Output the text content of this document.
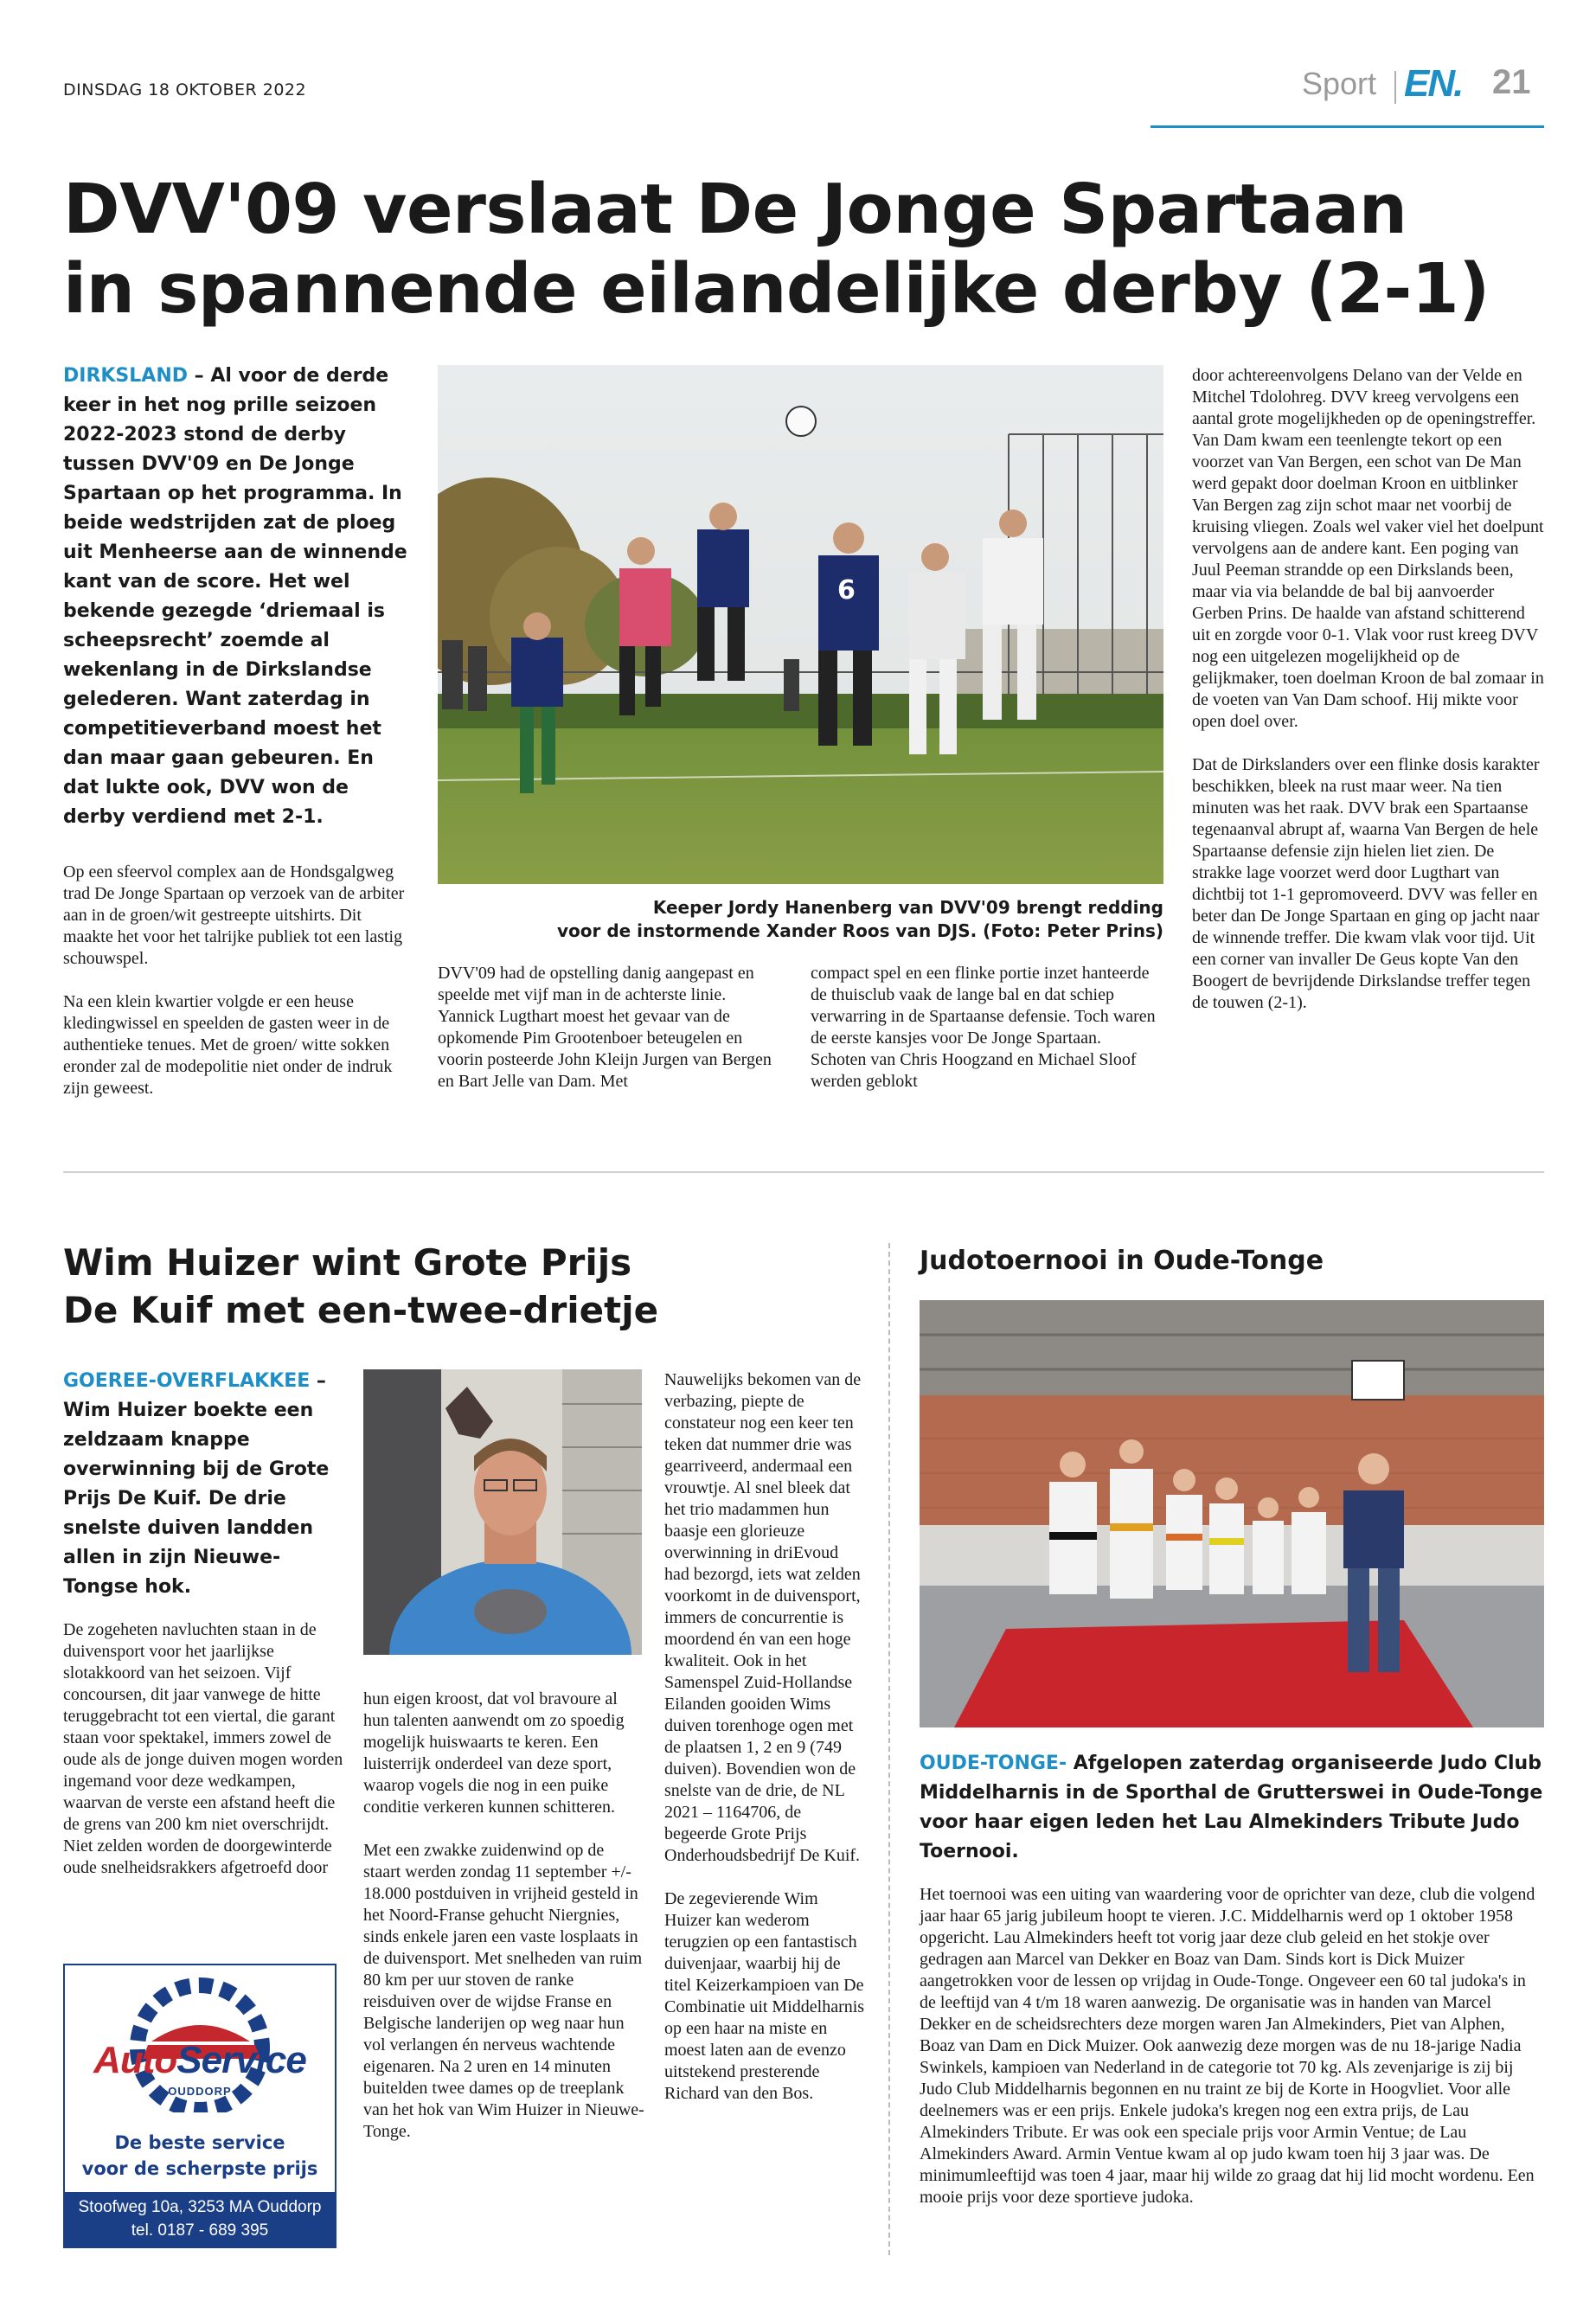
DINSDAG 18 OKTOBER 2022	Sport EN. 21
DVV'09 verslaat De Jonge Spartaan
in spannende eilandelijke derby (2-1)
DIRKSLAND – Al voor de derde keer in het nog prille seizoen 2022-2023 stond de derby tussen DVV'09 en De Jonge Spartaan op het programma. In beide wedstrijden zat de ploeg uit Menheerse aan de winnende kant van de score. Het wel bekende gezegde ‘driemaal is scheepsrecht’ zoemde al wekenlang in de Dirkslandse gelederen. Want zaterdag in competitieverband moest het dan maar gaan gebeuren. En dat lukte ook, DVV won de derby verdiend met 2-1.

Op een sfeervol complex aan de Hondsgalgweg trad De Jonge Spartaan op verzoek van de arbiter aan in de groen/wit gestreepte uitshirts. Dit maakte het voor het talrijke publiek tot een lastig schouwspel.

Na een klein kwartier volgde er een heuse kledingwissel en speelden de gasten weer in de authentieke tenues. Met de groen/ witte sokken eronder zal de modepolitie niet onder de indruk zijn geweest.

6
Keeper Jordy Hanenberg van DVV'09 brengt redding
voor de instormende Xander Roos van DJS. (Foto: Peter Prins)
DVV'09 had de opstelling danig aangepast en speelde met vijf man in de achterste linie. Yannick Lugthart moest het gevaar van de opkomende Pim Grootenboer beteugelen en voorin posteerde John Kleijn Jurgen van Bergen en Bart Jelle van Dam. Met
compact spel en een flinke portie inzet hanteerde de thuisclub vaak de lange bal en dat schiep verwarring in de Spartaanse defensie. Toch waren de eerste kansjes voor De Jonge Spartaan. Schoten van Chris Hoogzand en Michael Sloof werden geblokt

door achtereenvolgens Delano van der Velde en Mitchel Tdolohreg. DVV kreeg vervolgens een aantal grote mogelijkheden op de openingstreffer. Van Dam kwam een teenlengte tekort op een voorzet van Van Bergen, een schot van De Man werd gepakt door doelman Kroon en uitblinker Van Bergen zag zijn schot maar net voorbij de kruising vliegen. Zoals wel vaker viel het doelpunt vervolgens aan de andere kant. Een poging van Juul Peeman strandde op een Dirkslands been, maar via via belandde de bal bij aanvoerder Gerben Prins. De haalde van afstand schitterend uit en zorgde voor 0-1. Vlak voor rust kreeg DVV nog een uitgelezen mogelijkheid op de gelijkmaker, toen doelman Kroon de bal zomaar in de voeten van Van Dam schoof. Hij mikte voor open doel over.

Dat de Dirkslanders over een flinke dosis karakter beschikken, bleek na rust maar weer. Na tien minuten was het raak. DVV brak een Spartaanse tegenaanval abrupt af, waarna Van Bergen de hele Spartaanse defensie zijn hielen liet zien. De strakke lage voorzet werd door Lugthart van dichtbij tot 1-1 gepromoveerd. DVV was feller en beter dan De Jonge Spartaan en ging op jacht naar de winnende treffer. Die kwam vlak voor tijd. Uit een corner van invaller De Geus kopte Van den Boogert de bevrijdende Dirkslandse treffer tegen de touwen (2-1).

Wim Huizer wint Grote Prijs
De Kuif met een-twee-drietje
GOEREE-OVERFLAKKEE – Wim Huizer boekte een zeldzaam knappe overwinning bij de Grote Prijs De Kuif. De drie snelste duiven landden allen in zijn Nieuwe-Tongse hok.
De zogeheten navluchten staan in de duivensport voor het jaarlijkse slotakkoord van het seizoen. Vijf concoursen, dit jaar vanwege de hitte teruggebracht tot een viertal, die garant staan voor spektakel, immers zowel de oude als de jonge duiven mogen worden ingemand voor deze wedkampen, waarvan de verste een afstand heeft die de grens van 200 km niet overschrijdt. Niet zelden worden de doorgewinterde oude snelheidsrakkers afgetroefd door

hun eigen kroost, dat vol bravoure al hun talenten aanwendt om zo spoedig mogelijk huiswaarts te keren. Een luisterrijk onderdeel van deze sport, waarop vogels die nog in een puike conditie verkeren kunnen schitteren.

Met een zwakke zuidenwind op de staart werden zondag 11 september +/- 18.000 postduiven in vrijheid gesteld in het Noord-Franse gehucht Niergnies, sinds enkele jaren een vaste losplaats in de duivensport. Met snelheden van ruim 80 km per uur stoven de ranke reisduiven over de wijdse Franse en Belgische landerijen op weg naar hun vol verlangen én nerveus wachtende eigenaren. Na 2 uren en 14 minuten buitelden twee dames op de treeplank van het hok van Wim Huizer in Nieuwe-Tonge.

Nauwelijks bekomen van de verbazing, piepte de constateur nog een keer ten teken dat nummer drie was gearriveerd, andermaal een vrouwtje. Al snel bleek dat het trio madammen hun baasje een glorieuze overwinning in driEvoud had bezorgd, iets wat zelden voorkomt in de duivensport, immers de concurrentie is moordend én van een hoge kwaliteit. Ook in het Samenspel Zuid-Hollandse Eilanden gooiden Wims duiven torenhoge ogen met de plaatsen 1, 2 en 9 (749 duiven). Bovendien won de snelste van de drie, de NL 2021 – 1164706, de begeerde Grote Prijs Onderhoudsbedrijf De Kuif.

De zegevierende Wim Huizer kan wederom terugzien op een fantastisch duivenjaar, waarbij hij de titel Keizerkampioen van De Combinatie uit Middelharnis op een haar na miste en moest laten aan de evenzo uitstekend presterende Richard van den Bos.

AutoService
OUDDORP
De beste service
voor de scherpste prijs
Stoofweg 10a, 3253 MA Ouddorp
tel. 0187 - 689 395
Judotoernooi in Oude-Tonge
OUDE-TONGE- Afgelopen zaterdag organiseerde Judo Club Middelharnis in de Sporthal de Grutterswei in Oude-Tonge voor haar eigen leden het Lau Almekinders Tribute Judo Toernooi.
Het toernooi was een uiting van waardering voor de oprichter van deze, club die volgend jaar haar 65 jarig jubileum hoopt te vieren. J.C. Middelharnis werd op 1 oktober 1958 opgericht. Lau Almekinders heeft tot vorig jaar deze club geleid en het stokje over gedragen aan Marcel van Dekker en Boaz van Dam. Sinds kort is Dick Muizer aangetrokken voor de lessen op vrijdag in Oude-Tonge. Ongeveer een 60 tal judoka's in de leeftijd van 4 t/m 18 waren aanwezig. De organisatie was in handen van Marcel Dekker en de scheidsrechters deze morgen waren Jan Almekinders, Piet van Alphen, Boaz van Dam en Dick Muizer. Ook aanwezig deze morgen was de nu 18-jarige Nadia Swinkels, kampioen van Nederland in de categorie tot 70 kg. Als zevenjarige is zij bij Judo Club Middelharnis begonnen en nu traint ze bij de Korte in Hoogvliet. Voor alle deelnemers was er een prijs. Enkele judoka's kregen nog een extra prijs, de Lau Almekinders Tribute. Er was ook een speciale prijs voor Armin Ventue; de Lau Almekinders Award. Armin Ventue kwam al op judo kwam toen hij 3 jaar was. De minimumleeftijd was toen 4 jaar, maar hij wilde zo graag dat hij lid mocht wordenu. Een mooie prijs voor deze sportieve judoka.
